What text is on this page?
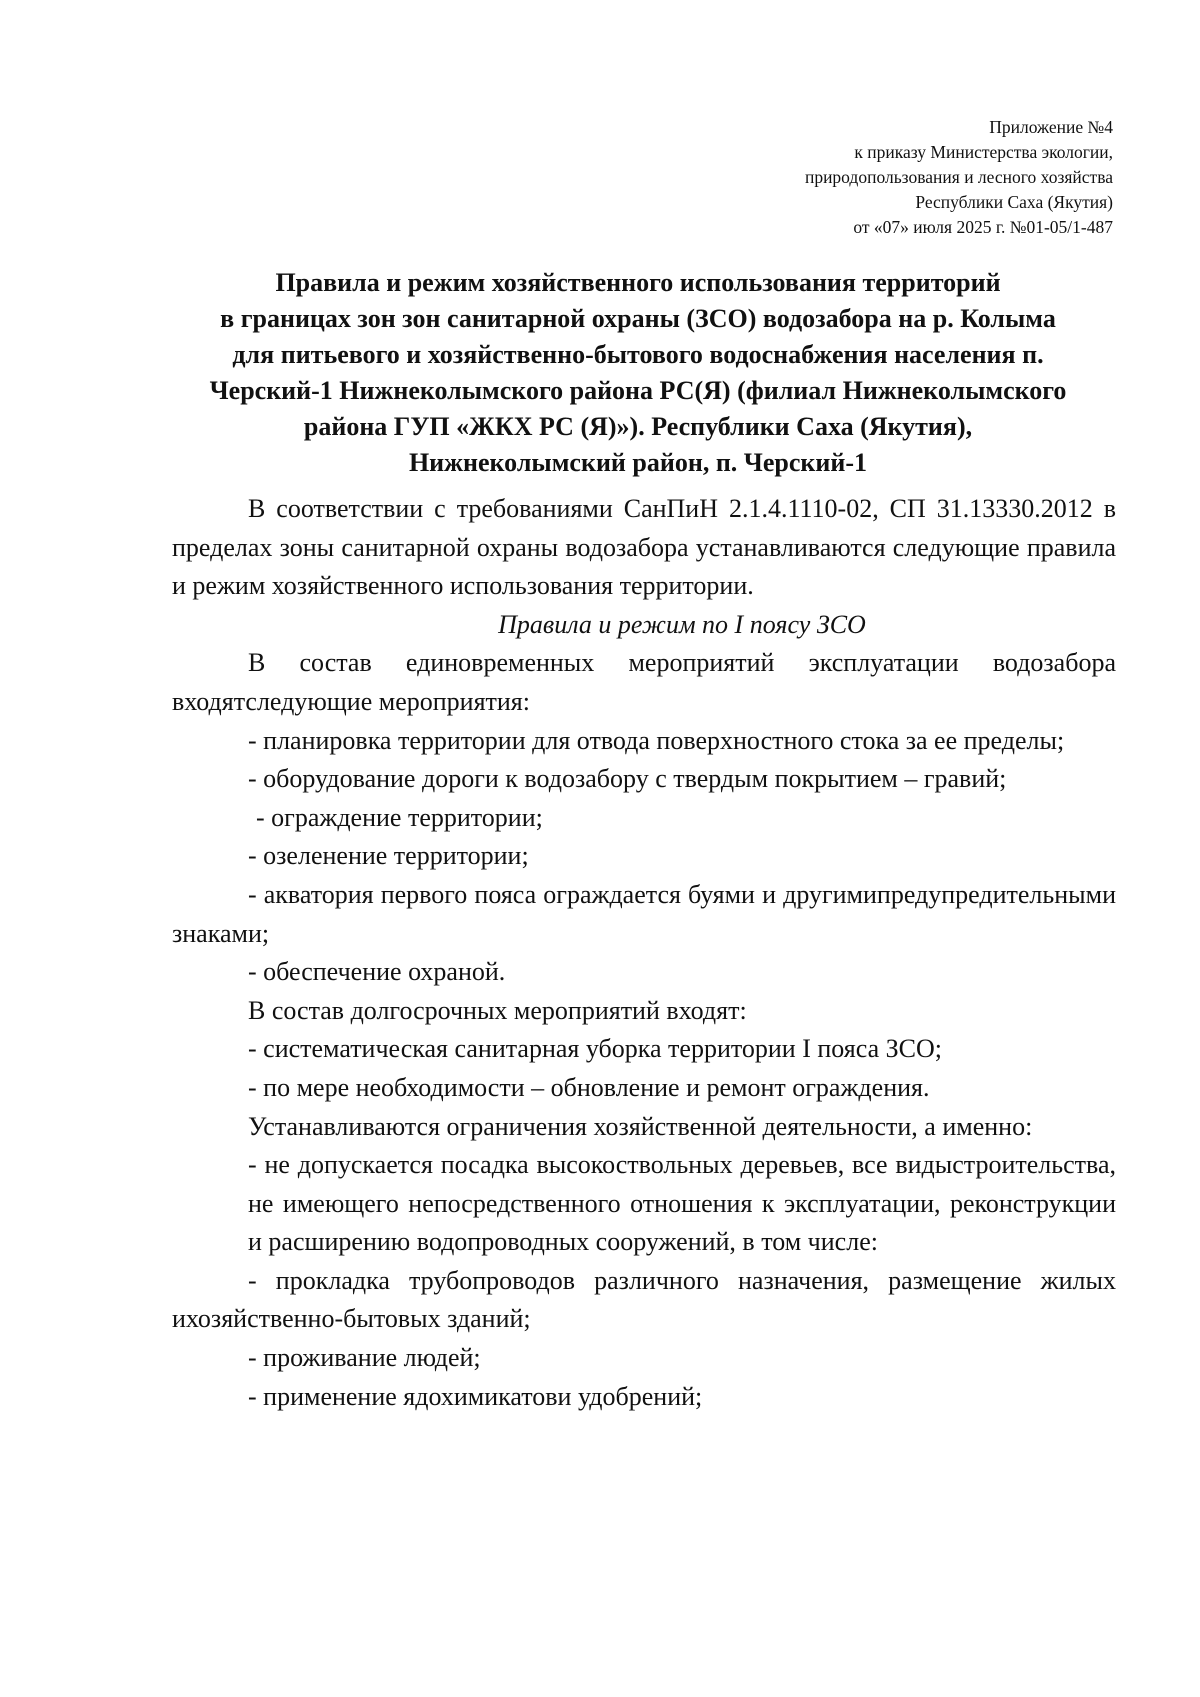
Приложение №4
к приказу Министерства экологии,
природопользования и лесного хозяйства
Республики Саха (Якутия)
от «07» июля 2025 г. №01-05/1-487
Правила и режим хозяйственного использования территорий
в границах зон зон санитарной охраны (ЗСО) водозабора на р. Колыма
для питьевого и хозяйственно-бытового водоснабжения населения п.
Черский-1 Нижнеколымского района РС(Я) (филиал Нижнеколымского
района ГУП «ЖКХ РС (Я)»). Республики Саха (Якутия),
Нижнеколымский район, п. Черский-1

В соответствии с требованиями СанПиН 2.1.4.1110-02, СП 31.13330.2012 в пределах зоны санитарной охраны водозабора устанавливаются следующие правила и режим хозяйственного использования территории.

Правила и режим по I поясу ЗСО

В состав единовременных мероприятий эксплуатации водозабора входятследующие мероприятия:

- планировка территории для отвода поверхностного стока за ее пределы;

- оборудование дороги к водозабору с твердым покрытием – гравий;

- ограждение территории;

- озеленение территории;

- акватория первого пояса ограждается буями и другимипредупредительными знаками;

- обеспечение охраной.

В состав долгосрочных мероприятий входят:

- систематическая санитарная уборка территории I пояса ЗСО;

- по мере необходимости – обновление и ремонт ограждения.

Устанавливаются ограничения хозяйственной деятельности, а именно:

- не допускается посадка высокоствольных деревьев, все видыстроительства, не имеющего непосредственного отношения к эксплуатации, реконструкции и расширению водопроводных сооружений, в том числе:

- прокладка трубопроводов различного назначения, размещение жилых ихозяйственно-бытовых зданий;

- проживание людей;

- применение ядохимикатови удобрений;
